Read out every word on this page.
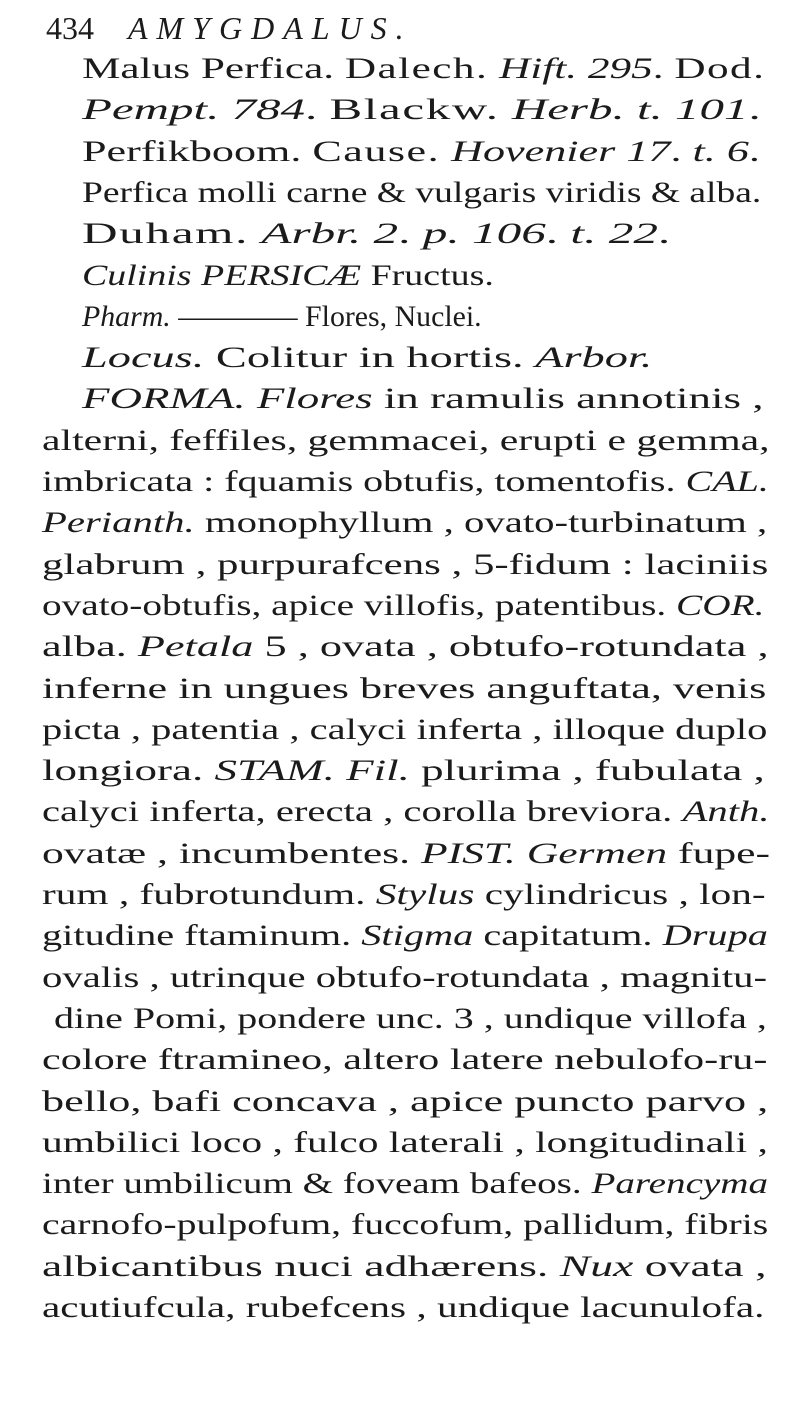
434 AMYGDALUS.
Malus Perfica. Dalech. Hift. 295. Dod.
Pempt. 784. Blackw. Herb. t. 101.
Perfikboom. Cause. Hovenier 17. t. 6.
Perfica molli carne & vulgaris viridis & alba.
Duham. Arbr. 2. p. 106. t. 22.
Culinis PERSICÆ Fructus.
Pharm. ———— Flores, Nuclei.
Locus. Colitur in hortis. Arbor.
FORMA. Flores in ramulis annotinis ,
alterni, feffiles, gemmacei, erupti e gemma,
imbricata : fquamis obtufis, tomentofis. CAL.
Perianth. monophyllum , ovato-turbinatum ,
glabrum , purpurafcens , 5-fidum : laciniis
ovato-obtufis, apice villofis, patentibus. COR.
alba. Petala 5 , ovata , obtufo-rotundata ,
inferne in ungues breves anguftata, venis
picta , patentia , calyci inferta , illoque duplo
longiora. STAM. Fil. plurima , fubulata ,
calyci inferta, erecta , corolla breviora. Anth.
ovatæ , incumbentes. PIST. Germen fupe-
rum , fubrotundum. Stylus cylindricus , lon-
gitudine ftaminum. Stigma capitatum. Drupa
ovalis , utrinque obtufo-rotundata , magnitu-
dine Pomi, pondere unc. 3 , undique villofa ,
colore ftramineo, altero latere nebulofo-ru-
bello, bafi concava , apice puncto parvo ,
umbilici loco , fulco laterali , longitudinali ,
inter umbilicum & foveam bafeos. Parencyma
carnofo-pulpofum, fuccofum, pallidum, fibris
albicantibus nuci adhærens. Nux ovata ,
acutiufcula, rubefcens , undique lacunulofa.
